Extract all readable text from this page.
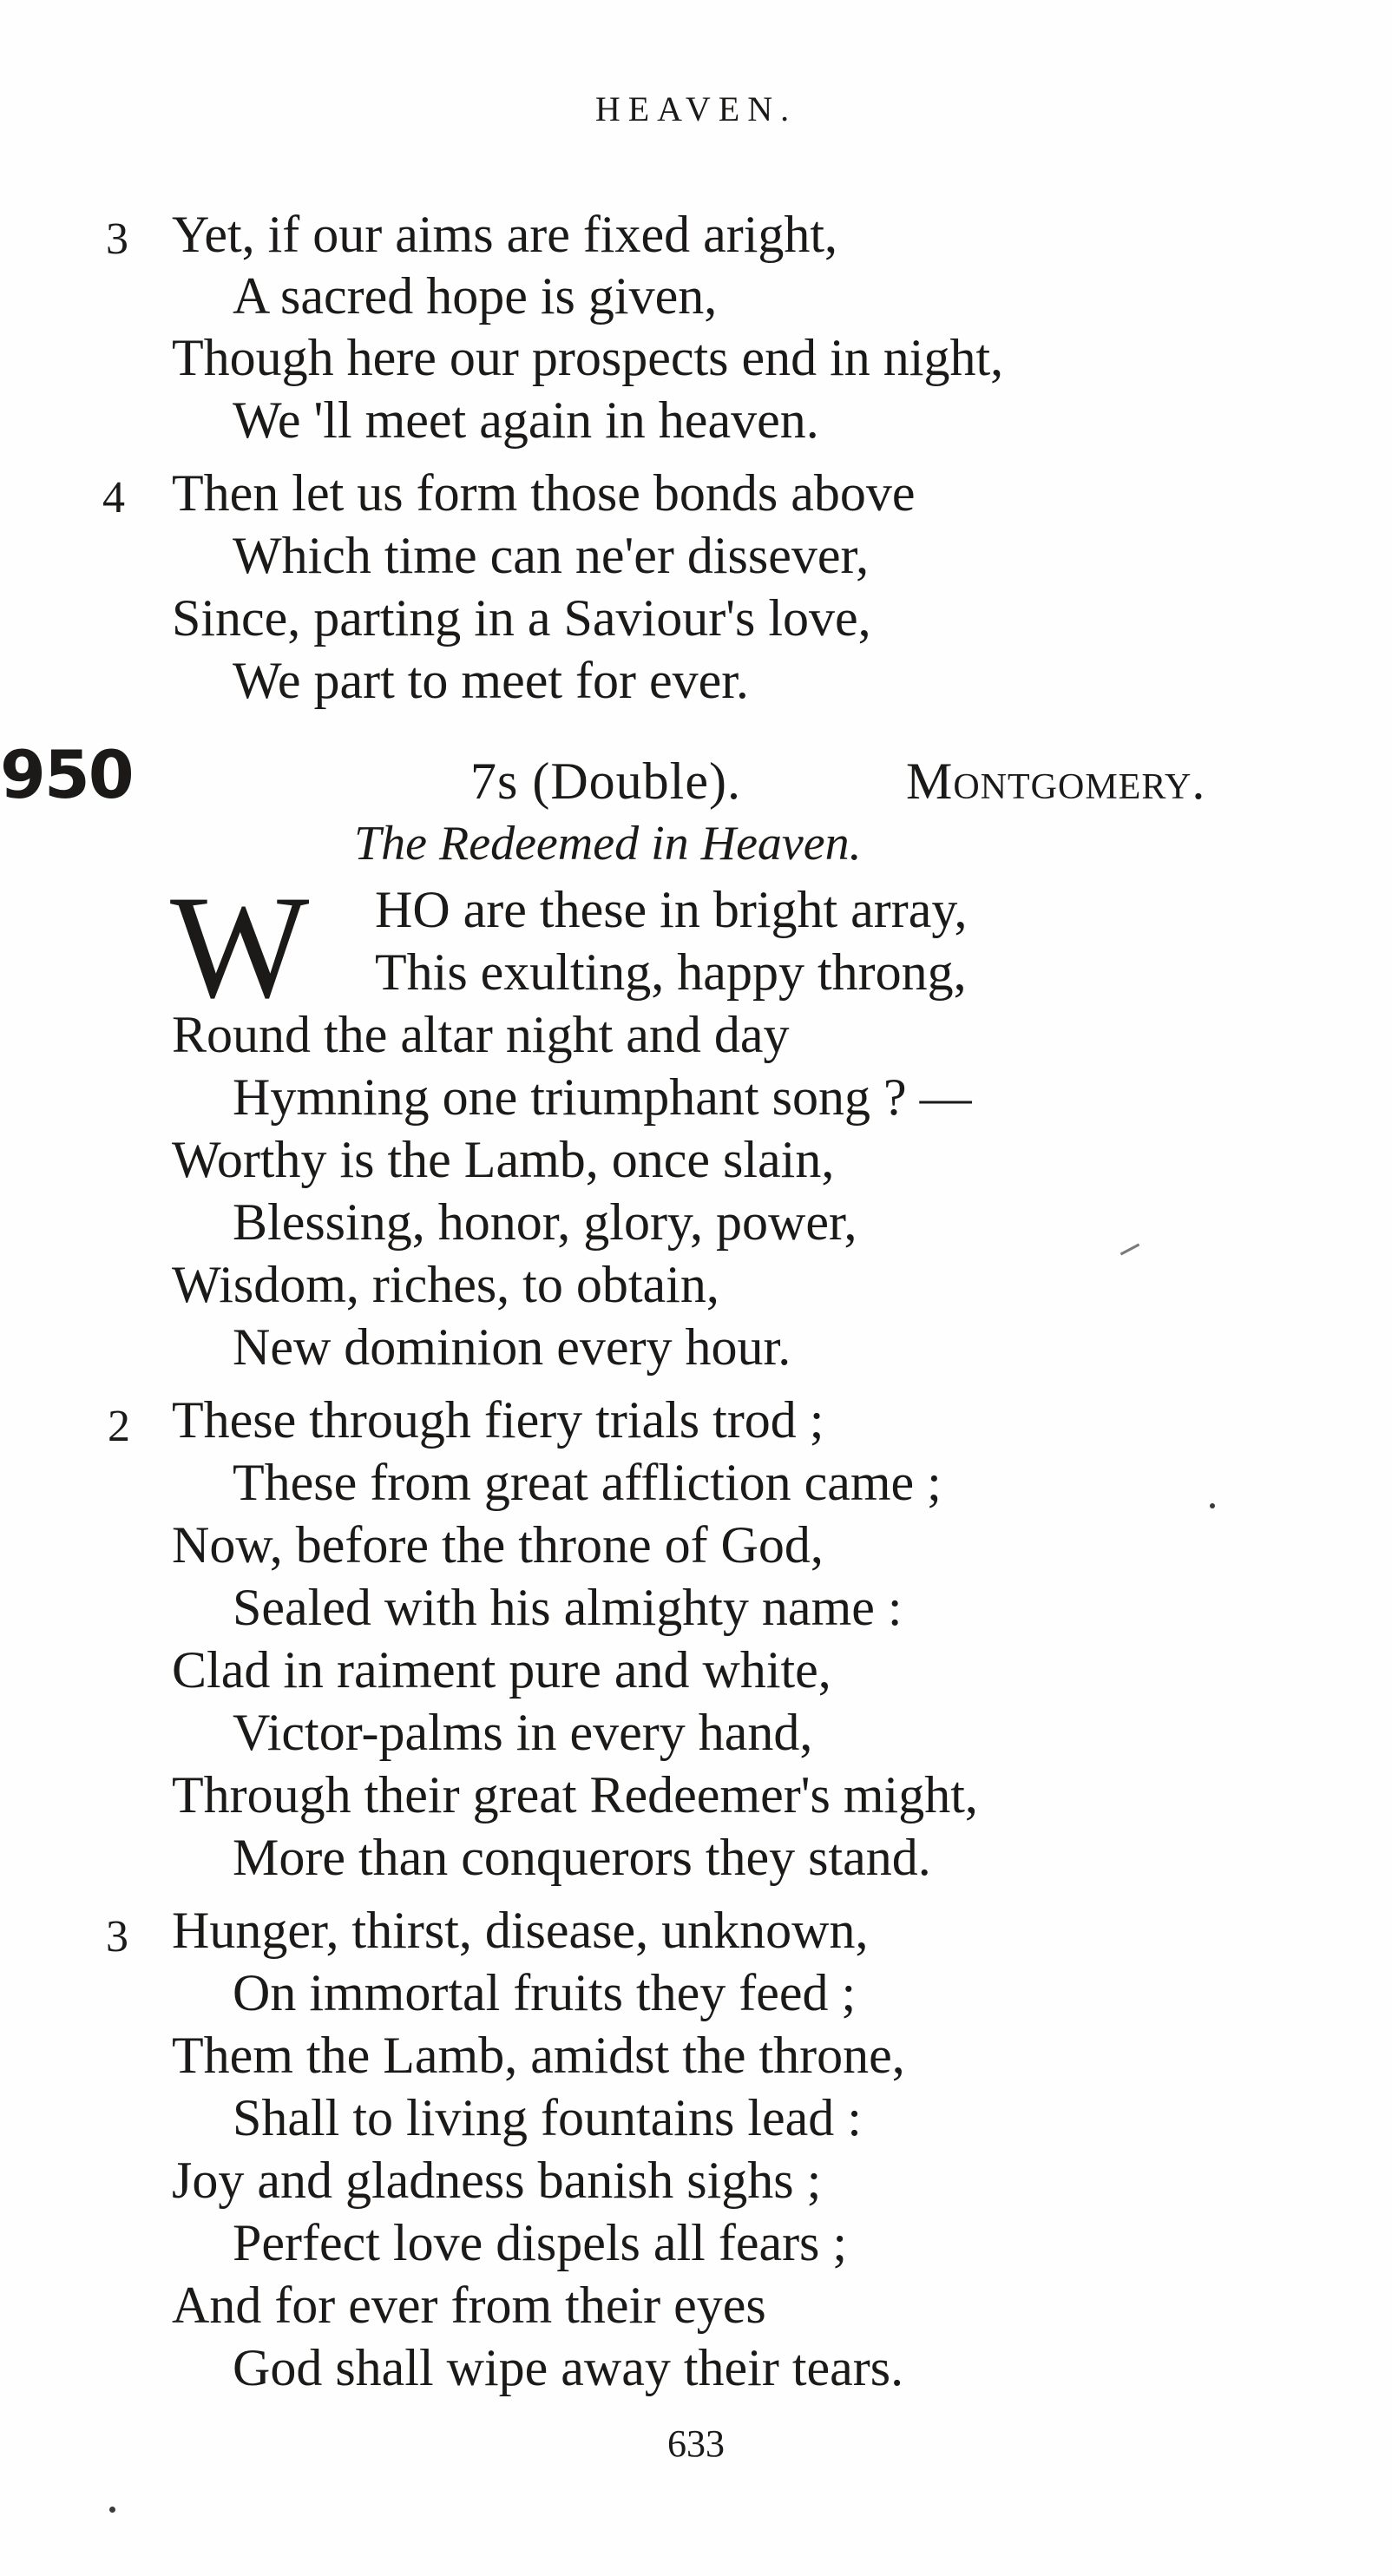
HEAVEN.
3 Yet, if our aims are fixed aright,
A sacred hope is given,
Though here our prospects end in night,
We 'll meet again in heaven.
4 Then let us form those bonds above
Which time can ne'er dissever,
Since, parting in a Saviour's love,
We part to meet for ever.
950	7s (Double).	Montgomery.
The Redeemed in Heaven.
W HO are these in bright array,
This exulting, happy throng,
Round the altar night and day
Hymning one triumphant song ? —
Worthy is the Lamb, once slain,
Blessing, honor, glory, power,
Wisdom, riches, to obtain,
New dominion every hour.
2 These through fiery trials trod ;
These from great affliction came ;
Now, before the throne of God,
Sealed with his almighty name :
Clad in raiment pure and white,
Victor-palms in every hand,
Through their great Redeemer's might,
More than conquerors they stand.
3 Hunger, thirst, disease, unknown,
On immortal fruits they feed ;
Them the Lamb, amidst the throne,
Shall to living fountains lead :
Joy and gladness banish sighs ;
Perfect love dispels all fears ;
And for ever from their eyes
God shall wipe away their tears.
633
